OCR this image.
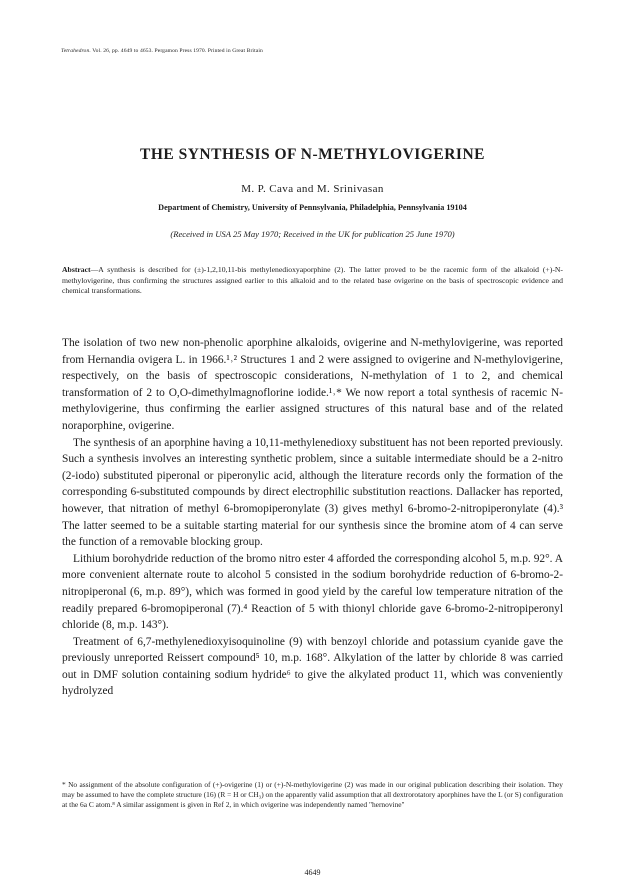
Tetrahedron. Vol. 26, pp. 4649 to 4653. Pergamon Press 1970. Printed in Great Britain
THE SYNTHESIS OF N-METHYLOVIGERINE
M. P. Cava and M. Srinivasan
Department of Chemistry, University of Pennsylvania, Philadelphia, Pennsylvania 19104
(Received in USA 25 May 1970; Received in the UK for publication 25 June 1970)
Abstract—A synthesis is described for (±)-1,2,10,11-bis methylenedioxyaporphine (2). The latter proved to be the racemic form of the alkaloid (+)-N-methylovigerine, thus confirming the structures assigned earlier to this alkaloid and to the related base ovigerine on the basis of spectroscopic evidence and chemical transformations.

The isolation of two new non-phenolic aporphine alkaloids, ovigerine and N-methylovigerine, was reported from Hernandia ovigera L. in 1966.¹˒² Structures 1 and 2 were assigned to ovigerine and N-methylovigerine, respectively, on the basis of spectroscopic considerations, N-methylation of 1 to 2, and chemical transformation of 2 to O,O-dimethylmagnoflorine iodide.¹˒* We now report a total synthesis of racemic N-methylovigerine, thus confirming the earlier assigned structures of this natural base and of the related noraporphine, ovigerine.

The synthesis of an aporphine having a 10,11-methylenedioxy substituent has not been reported previously. Such a synthesis involves an interesting synthetic problem, since a suitable intermediate should be a 2-nitro (2-iodo) substituted piperonal or piperonylic acid, although the literature records only the formation of the corresponding 6-substituted compounds by direct electrophilic substitution reactions. Dallacker has reported, however, that nitration of methyl 6-bromopiperonylate (3) gives methyl 6-bromo-2-nitropiperonylate (4).³ The latter seemed to be a suitable starting material for our synthesis since the bromine atom of 4 can serve the function of a removable blocking group.

Lithium borohydride reduction of the bromo nitro ester 4 afforded the corresponding alcohol 5, m.p. 92°. A more convenient alternate route to alcohol 5 consisted in the sodium borohydride reduction of 6-bromo-2-nitropiperonal (6, m.p. 89°), which was formed in good yield by the careful low temperature nitration of the readily prepared 6-bromopiperonal (7).⁴ Reaction of 5 with thionyl chloride gave 6-bromo-2-nitropiperonyl chloride (8, m.p. 143°).

Treatment of 6,7-methylenedioxyisoquinoline (9) with benzoyl chloride and potassium cyanide gave the previously unreported Reissert compound⁵ 10, m.p. 168°. Alkylation of the latter by chloride 8 was carried out in DMF solution containing sodium hydride⁶ to give the alkylated product 11, which was conveniently hydrolyzed

* No assignment of the absolute configuration of (+)-ovigerine (1) or (+)-N-methylovigerine (2) was made in our original publication describing their isolation. They may be assumed to have the complete structure (16) (R = H or CH₃) on the apparently valid assumption that all dextrorotatory aporphines have the L (or S) configuration at the 6a C atom.⁸ A similar assignment is given in Ref 2, in which ovigerine was independently named "hernovine"
4649
